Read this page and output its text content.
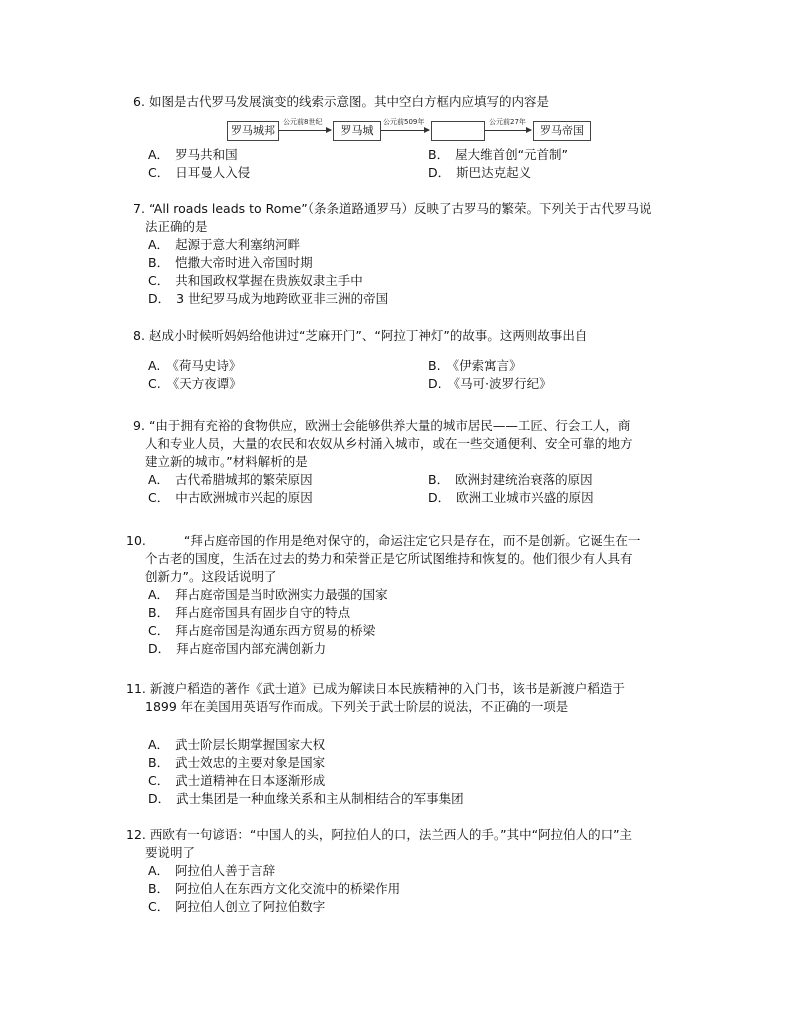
6. 如图是古代罗马发展演变的线索示意图。其中空白方框内应填写的内容是

罗马城邦
公元前8世纪
罗马城
公元前509年	公元前27年
罗马帝国
A． 罗马共和国	B． 屋大维首创“元首制”
C． 日耳曼人入侵	D． 斯巴达克起义

7. “All roads leads to Rome”（条条道路通罗马）反映了古罗马的繁荣。下列关于古代罗马说

法正确的是

A． 起源于意大利塞纳河畔
B． 恺撒大帝时进入帝国时期
C． 共和国政权掌握在贵族奴隶主手中
D． 3 世纪罗马成为地跨欧亚非三洲的帝国

8. 赵成小时候听妈妈给他讲过“芝麻开门”、“阿拉丁神灯”的故事。这两则故事出自

A. 《荷马史诗》	B. 《伊索寓言》
C. 《天方夜谭》	D. 《马可·波罗行纪》

9. “由于拥有充裕的食物供应，欧洲士会能够供养大量的城市居民——工匠、行会工人，商

人和专业人员，大量的农民和农奴从乡村涌入城市，或在一些交通便利、安全可靠的地方

建立新的城市。”材料解析的是

A． 古代希腊城邦的繁荣原因	B． 欧洲封建统治衰落的原因
C． 中古欧洲城市兴起的原因	D． 欧洲工业城市兴盛的原因

10.	“拜占庭帝国的作用是绝对保守的，命运注定它只是存在，而不是创新。它诞生在一

个古老的国度，生活在过去的势力和荣誉正是它所试图维持和恢复的。他们很少有人具有

创新力”。这段话说明了

A． 拜占庭帝国是当时欧洲实力最强的国家
B． 拜占庭帝国具有固步自守的特点
C． 拜占庭帝国是沟通东西方贸易的桥梁
D． 拜占庭帝国内部充满创新力

11. 新渡户稻造的著作《武士道》已成为解读日本民族精神的入门书，该书是新渡户稻造于

1899 年在美国用英语写作而成。下列关于武士阶层的说法，不正确的一项是

A． 武士阶层长期掌握国家大权
B． 武士效忠的主要对象是国家
C． 武士道精神在日本逐渐形成
D． 武士集团是一种血缘关系和主从制相结合的军事集团

12. 西欧有一句谚语：“中国人的头，阿拉伯人的口，法兰西人的手。”其中“阿拉伯人的口”主

要说明了

A． 阿拉伯人善于言辞
B． 阿拉伯人在东西方文化交流中的桥梁作用
C． 阿拉伯人创立了阿拉伯数字
